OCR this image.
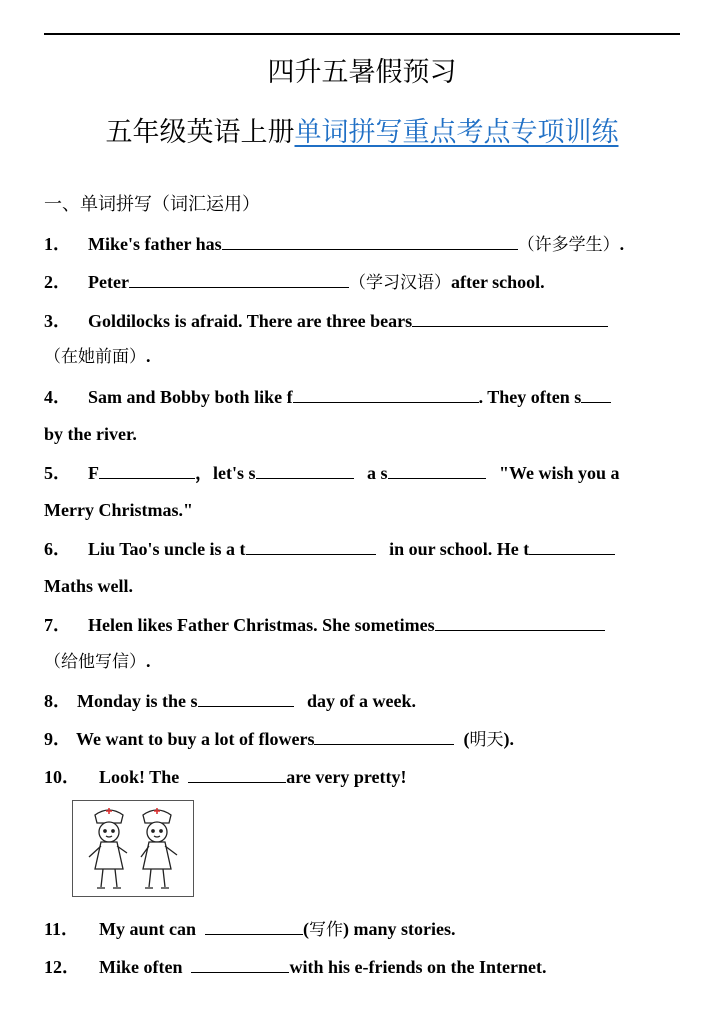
四升五暑假预习
五年级英语上册单词拼写重点考点专项训练
一、单词拼写（词汇运用）
1． Mike's father has	（许多学生）.
2． Peter	（学习汉语）after school.
3． Goldilocks is afraid. There are three bears
（在她前面）.
4． Sam and Bobby both like f	. They often s
by the river.
5． F	，let's s	a s	"We wish you a
Merry Christmas."
6． Liu Tao's uncle is a t	in our school. He t
Maths well.
7． Helen likes Father Christmas. She sometimes
（给他写信）.
8． Monday is the s	day of a week.
9． We want to buy a lot of flowers	(明天).
10． Look! The	are very pretty!
11． My aunt can	(写作) many stories.
12． Mike often	with his e-friends on the Internet.
